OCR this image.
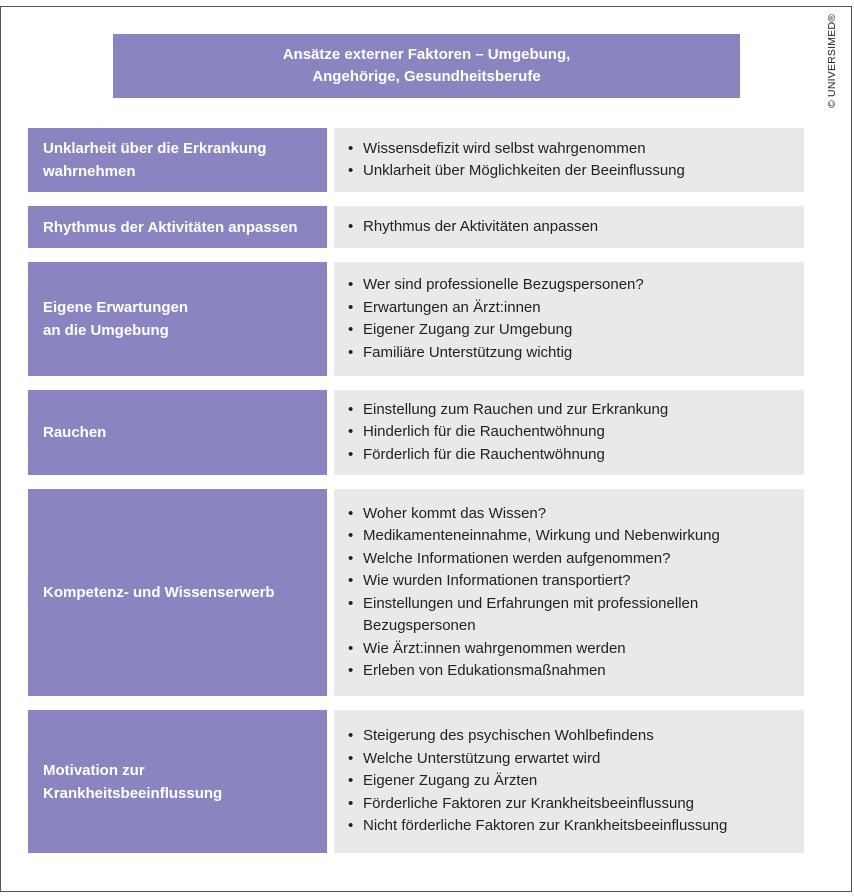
Ansätze externer Faktoren – Umgebung,
Angehörige, Gesundheitsberufe	© UNIVERSIMED®
Unklarheit über die Erkrankung
wahrnehmen
• Wissensdefizit wird selbst wahrgenommen
• Unklarheit über Möglichkeiten der Beeinflussung
Rhythmus der Aktivitäten anpassen
•	Rhythmus der Aktivitäten anpassen
Eigene Erwartungen
an die Umgebung
• Wer sind professionelle Bezugspersonen?
• Erwartungen an Ärzt:innen
• Eigener Zugang zur Umgebung
• Familiäre Unterstützung wichtig
Rauchen
• Einstellung zum Rauchen und zur Erkrankung
• Hinderlich für die Rauchentwöhnung
• Förderlich für die Rauchentwöhnung
Kompetenz- und Wissenserwerb
• Woher kommt das Wissen?
• Medikamenteneinnahme, Wirkung und Nebenwirkung
• Welche Informationen werden aufgenommen?
• Wie wurden Informationen transportiert?
• Einstellungen und Erfahrungen mit professionellen
Bezugspersonen
• Wie Ärzt:innen wahrgenommen werden
• Erleben von Edukationsmaßnahmen
Motivation zur
Krankheitsbeeinflussung
• Steigerung des psychischen Wohlbefindens
• Welche Unterstützung erwartet wird
• Eigener Zugang zu Ärzten
• Förderliche Faktoren zur Krankheitsbeeinflussung
• Nicht förderliche Faktoren zur Krankheitsbeeinflussung
